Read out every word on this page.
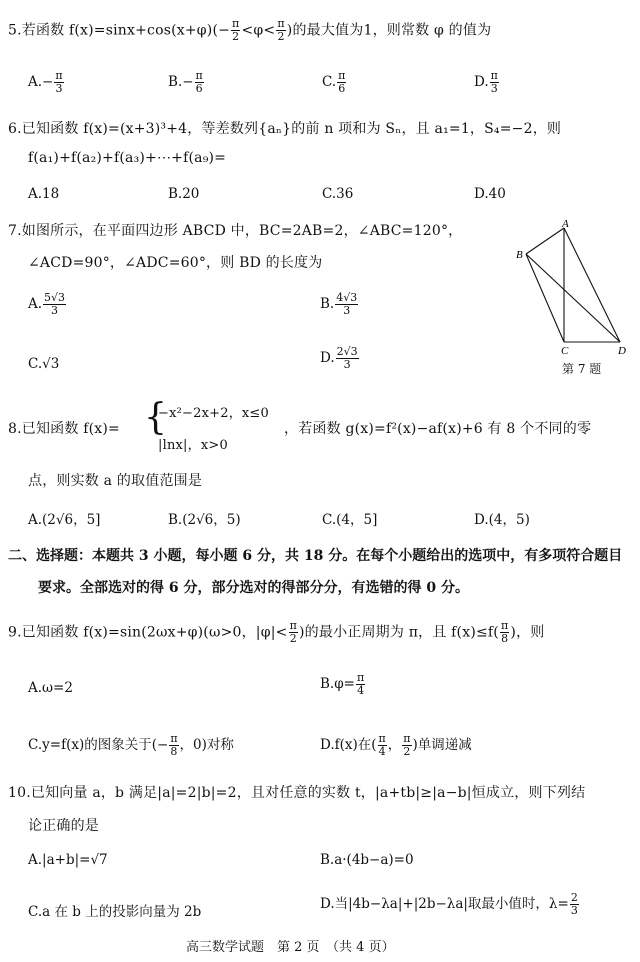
5.若函数 $f(x)=\sin x+\cos(x+\varphi)(- \frac{\pi}{2} <\varphi< \frac{\pi}{2}$ )的最大值为1，则常数 φ 的值为
$A.- \frac{\pi}{3}$	$B.- \frac{\pi}{6}$	C. $\frac{\pi}{6}$	D. $\frac{\pi}{3}$
6.已知函数 f(x)=(x+3)³+4，等差数列{aₙ}的前 n 项和为 Sₙ，且 a₁=1，S₄=−2，则
f(a₁)+f(a₂)+f(a₃)+⋯+f(a₉)=
A.18	B.20	C.36	D.40
7.如图所示，在平面四边形 ABCD 中，BC=2AB=2，∠ABC=120°，
∠ACD=90°，∠ADC=60°，则 BD 的长度为
A. $\frac{5√3}{3}$	B. $\frac{4√3}{3}$
C.√3	D. $\frac{2√3}{3}$
A
B
C	D
第 7 题
8.已知函数 f(x)= {
−x²−2x+2，x≤0
|lnx|，x>0
，若函数 g(x)=f²(x)−af(x)+6 有 8 个不同的零
点，则实数 a 的取值范围是
A.(2√6，5]	B.(2√6，5)	C.(4，5]	D.(4，5)
二、选择题：本题共 3 小题，每小题 6 分，共 18 分。在每个小题给出的选项中，有多项符合题目
要求。全部选对的得 6 分，部分选对的得部分分，有选错的得 0 分。
9.已知函数 f(x)=sin(2ωx+φ)(ω>0，$|\varphi|< \frac{\pi}{2}$ )的最小正周期为 π，且 $f(x)\le f( \frac{\pi}{8}$ )，则
A.ω=2	$B.\varphi= \frac{\pi}{4}$
C.y=f(x)的图象关于(− $\frac{\pi}{8}$ ，0)对称	D.f(x)在( $\frac{\pi}{4}$ ， $\frac{\pi}{2}$ )单调递减
10.已知向量 a，b 满足|a|=2|b|=2，且对任意的实数 t，|a+tb|≥|a−b|恒成立，则下列结
论正确的是
A.|a+b|=√7	B.a·(4b−a)=0
C.a 在 b 上的投影向量为 2b	D.当|4b−λa|+|2b−λa|取最小值时，$\lambda= \frac{2}{3}$
高三数学试题　第 2 页　（共 4 页）
